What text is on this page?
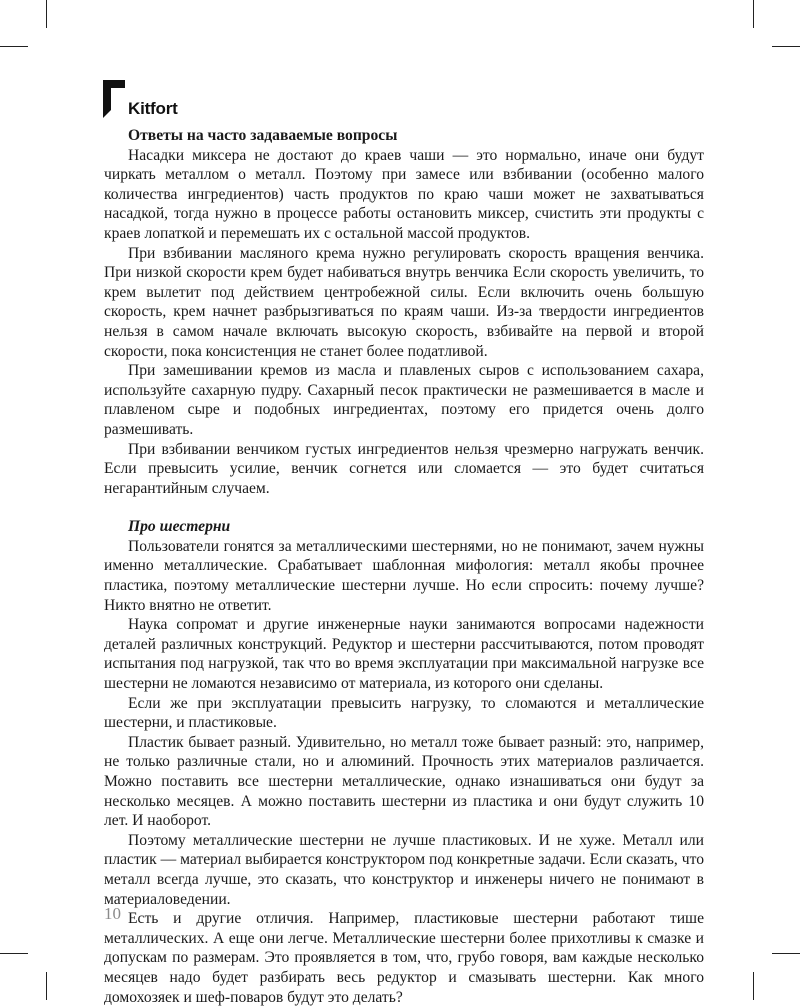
Kitfort
Ответы на часто задаваемые вопросы

Насадки миксера не достают до краев чаши — это нормально, иначе они будут чиркать металлом о металл. Поэтому при замесе или взбивании (особенно малого количества ингредиентов) часть продуктов по краю чаши может не захватываться насадкой, тогда нужно в процессе работы остановить миксер, счистить эти продукты с краев лопаткой и перемешать их с остальной массой продуктов.

При взбивании масляного крема нужно регулировать скорость вращения венчика. При низкой скорости крем будет набиваться внутрь венчика Если скорость увеличить, то крем вылетит под действием центробежной силы. Если включить очень большую скорость, крем начнет разбрызгиваться по краям чаши. Из-за твердости ингредиентов нельзя в самом начале включать высокую скорость, взбивайте на первой и второй скорости, пока консистенция не станет более податливой.

При замешивании кремов из масла и плавленых сыров с использованием сахара, используйте сахарную пудру. Сахарный песок практически не размешивается в масле и плавленом сыре и подобных ингредиентах, поэтому его придется очень долго размешивать.

При взбивании венчиком густых ингредиентов нельзя чрезмерно нагружать венчик. Если превысить усилие, венчик согнется или сломается — это будет считаться негарантийным случаем.

Про шестерни

Пользователи гонятся за металлическими шестернями, но не понимают, зачем нужны именно металлические. Срабатывает шаблонная мифология: металл якобы прочнее пластика, поэтому металлические шестерни лучше. Но если спросить: почему лучше? Никто внятно не ответит.

Наука сопромат и другие инженерные науки занимаются вопросами надежности деталей различных конструкций. Редуктор и шестерни рассчитываются, потом проводят испытания под нагрузкой, так что во время эксплуатации при максимальной нагрузке все шестерни не ломаются независимо от материала, из которого они сделаны.

Если же при эксплуатации превысить нагрузку, то сломаются и металлические шестерни, и пластиковые.

Пластик бывает разный. Удивительно, но металл тоже бывает разный: это, например, не только различные стали, но и алюминий. Прочность этих материалов различается. Можно поставить все шестерни металлические, однако изнашиваться они будут за несколько месяцев. А можно поставить шестерни из пластика и они будут служить 10 лет. И наоборот.

Поэтому металлические шестерни не лучше пластиковых. И не хуже. Металл или пластик — материал выбирается конструктором под конкретные задачи. Если сказать, что металл всегда лучше, это сказать, что конструктор и инженеры ничего не понимают в материаловедении.

Есть и другие отличия. Например, пластиковые шестерни работают тише металлических. А еще они легче. Металлические шестерни более прихотливы к смазке и допускам по размерам. Это проявляется в том, что, грубо говоря, вам каждые несколько месяцев надо будет разбирать весь редуктор и смазывать шестерни. Как много домохозяек и шеф-поваров будут это делать?

10
